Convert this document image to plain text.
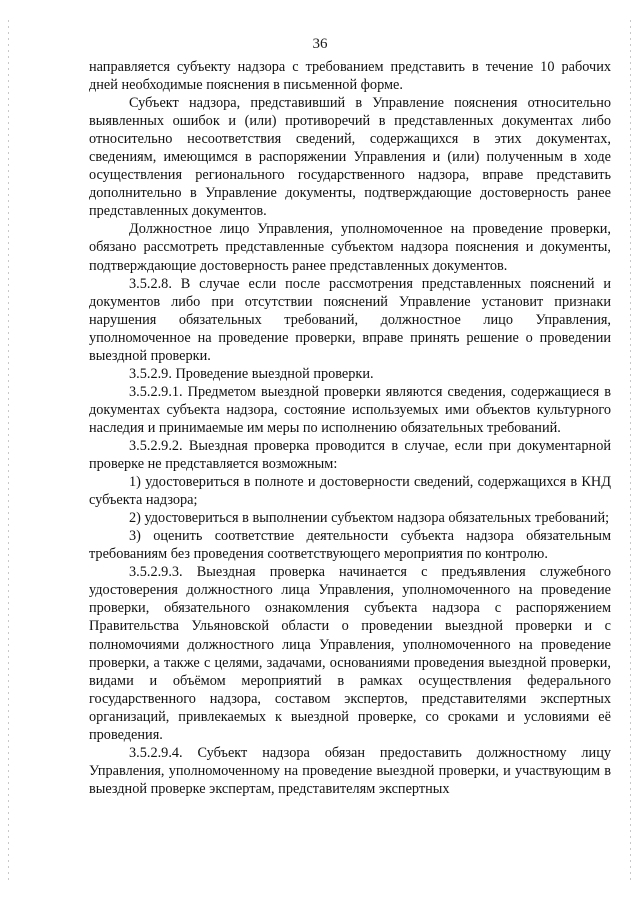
36

направляется субъекту надзора с требованием представить в течение 10 рабочих дней необходимые пояснения в письменной форме.

Субъект надзора, представивший в Управление пояснения относительно выявленных ошибок и (или) противоречий в представленных документах либо относительно несоответствия сведений, содержащихся в этих документах, сведениям, имеющимся в распоряжении Управления и (или) полученным в ходе осуществления регионального государственного надзора, вправе представить дополнительно в Управление документы, подтверждающие достоверность ранее представленных документов.

Должностное лицо Управления, уполномоченное на проведение проверки, обязано рассмотреть представленные субъектом надзора пояснения и документы, подтверждающие достоверность ранее представленных документов.

3.5.2.8. В случае если после рассмотрения представленных пояснений и документов либо при отсутствии пояснений Управление установит признаки нарушения обязательных требований, должностное лицо Управления, уполномоченное на проведение проверки, вправе принять решение о проведении выездной проверки.

3.5.2.9. Проведение выездной проверки.

3.5.2.9.1. Предметом выездной проверки являются сведения, содержащиеся в документах субъекта надзора, состояние используемых ими объектов культурного наследия и принимаемые им меры по исполнению обязательных требований.

3.5.2.9.2. Выездная проверка проводится в случае, если при документарной проверке не представляется возможным:

1) удостовериться в полноте и достоверности сведений, содержащихся в КНД субъекта надзора;

2) удостовериться в выполнении субъектом надзора обязательных требований;

3) оценить соответствие деятельности субъекта надзора обязательным требованиям без проведения соответствующего мероприятия по контролю.

3.5.2.9.3. Выездная проверка начинается с предъявления служебного удостоверения должностного лица Управления, уполномоченного на проведение проверки, обязательного ознакомления субъекта надзора с распоряжением Правительства Ульяновской области о проведении выездной проверки и с полномочиями должностного лица Управления, уполномоченного на проведение проверки, а также с целями, задачами, основаниями проведения выездной проверки, видами и объёмом мероприятий в рамках осуществления федерального государственного надзора, составом экспертов, представителями экспертных организаций, привлекаемых к выездной проверке, со сроками и условиями её проведения.

3.5.2.9.4. Субъект надзора обязан предоставить должностному лицу Управления, уполномоченному на проведение выездной проверки, и участвующим в выездной проверке экспертам, представителям экспертных
